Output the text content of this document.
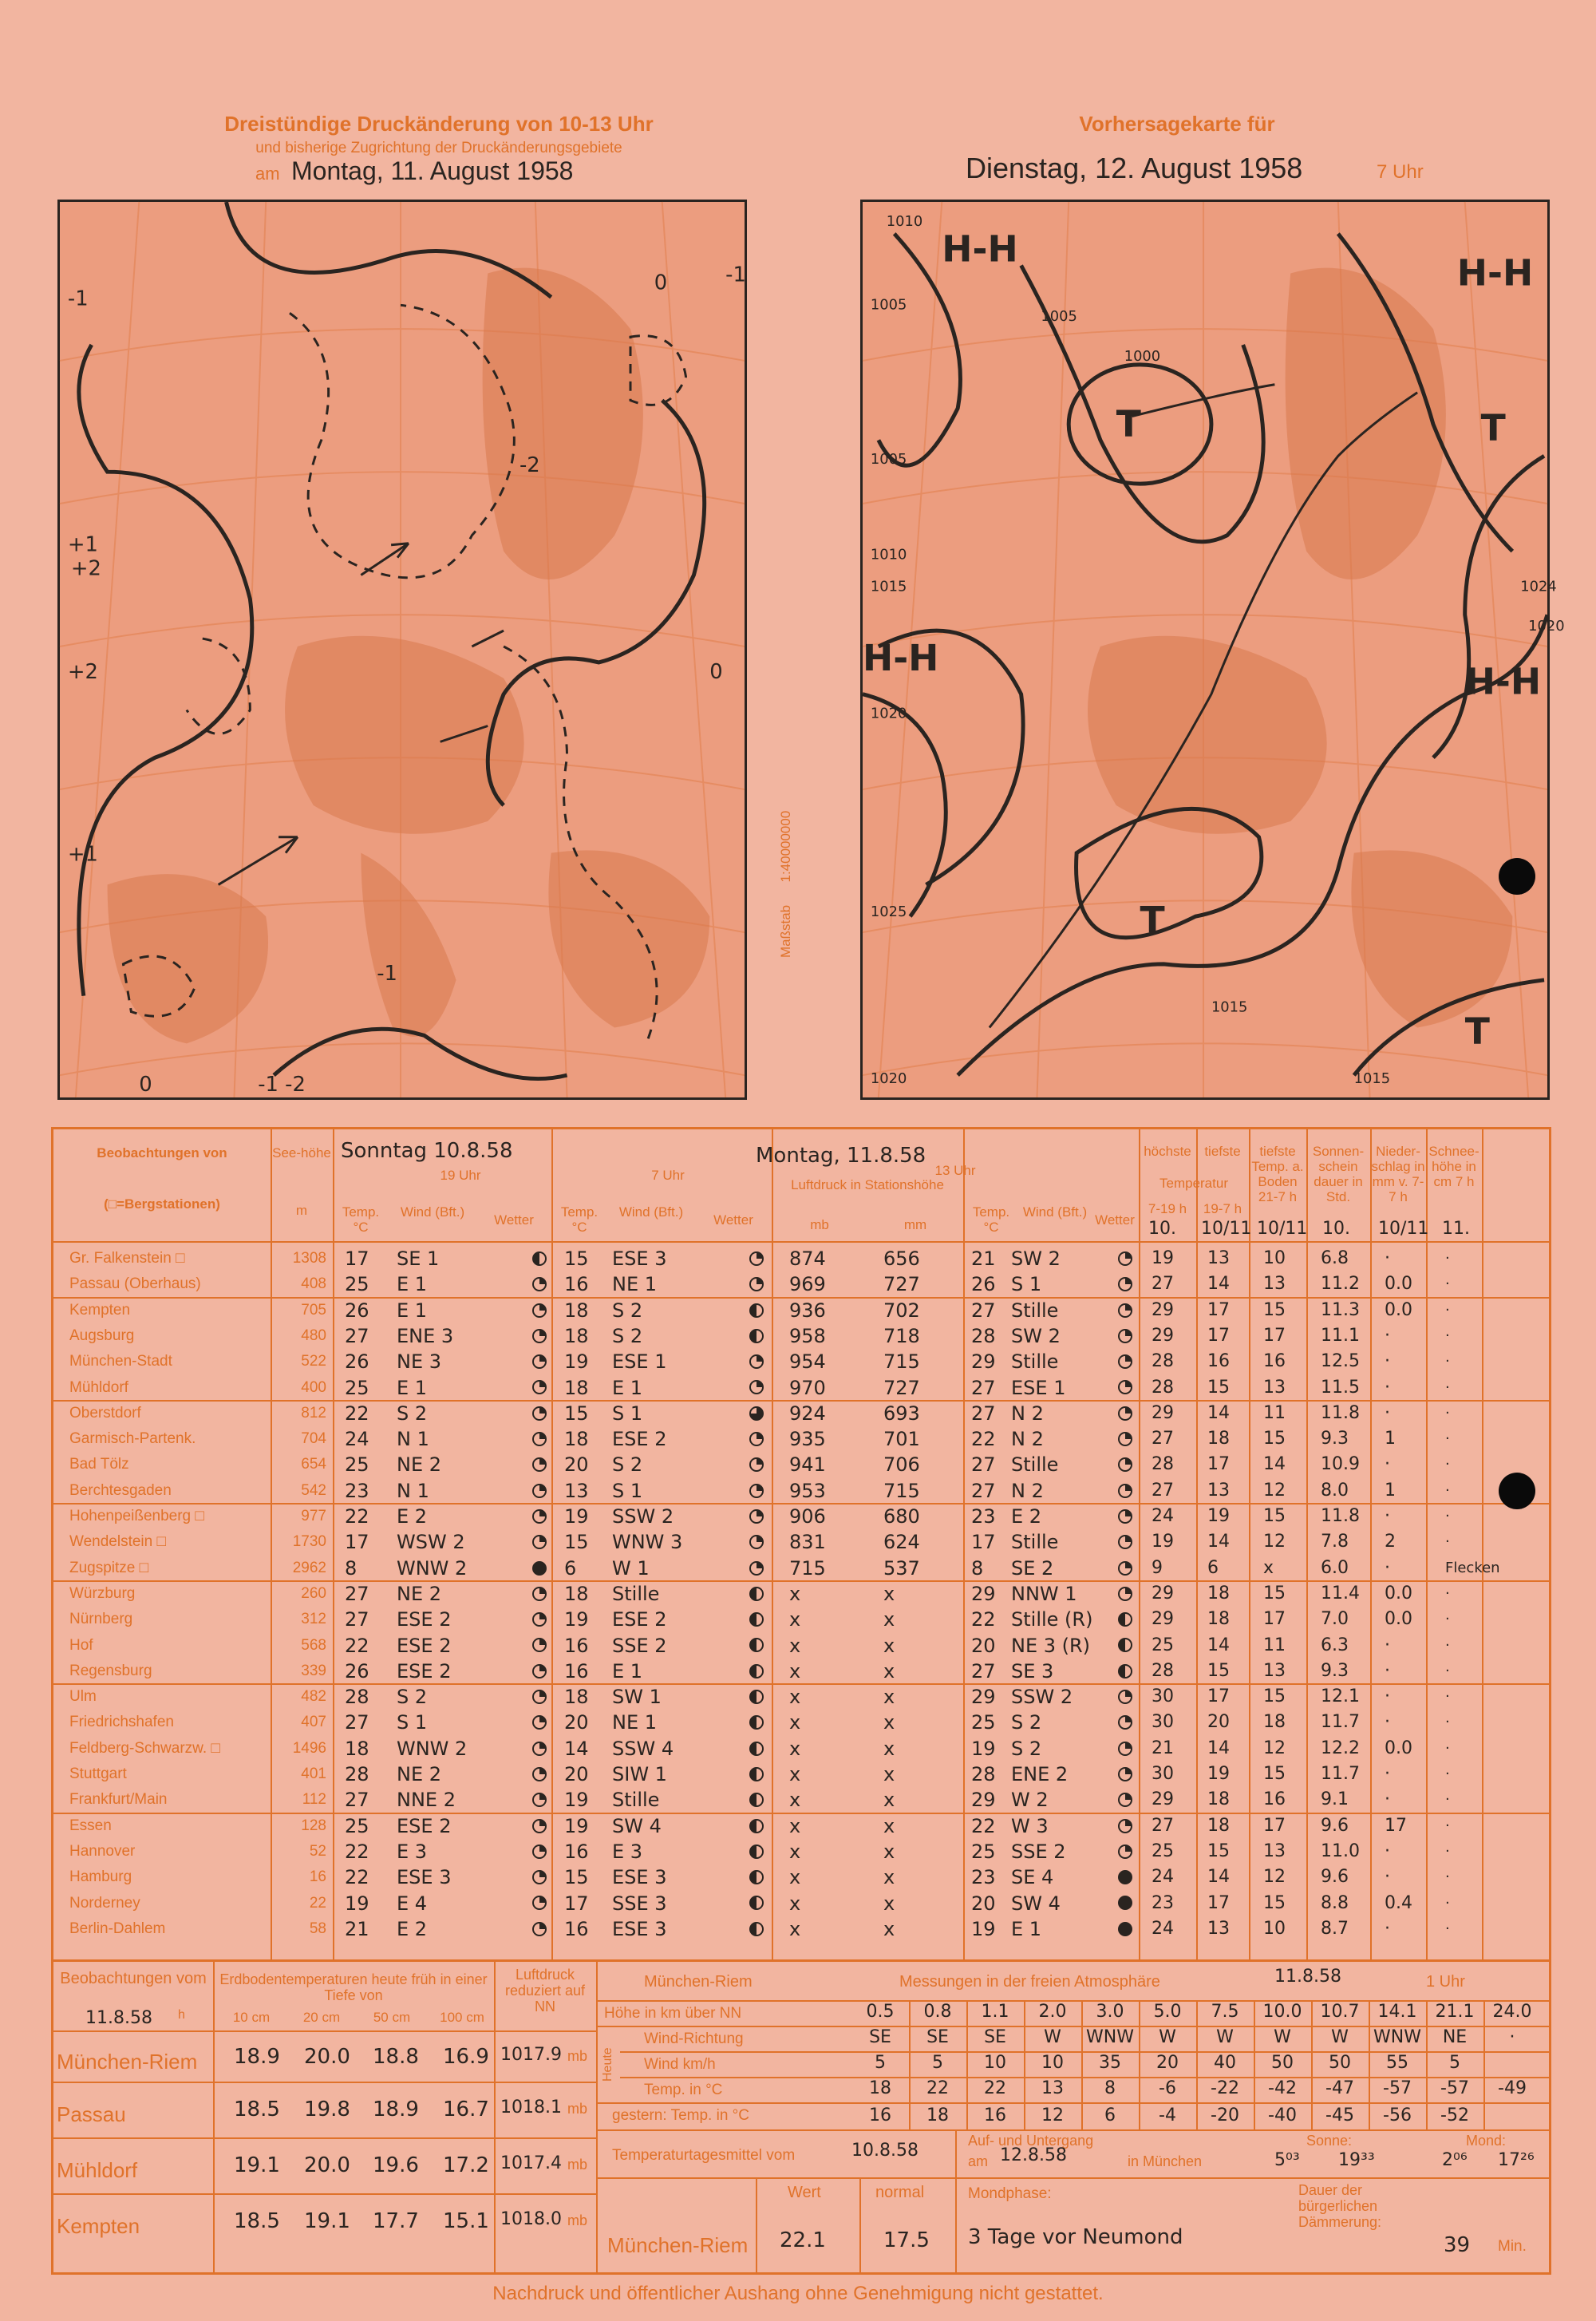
Dreistündige Druckänderung von 10-13 Uhr
und bisherige Zugrichtung der Druckänderungsgebiete
am Montag, 11. August 1958
Vorhersagekarte für
Dienstag, 12. August 1958	7 Uhr
-1
+1
+2
+2
+1
0
-2
-1
0
-1
0
-1 -2
T
T
T
T
H-H
H-H
H-H
H-H
1010
1005
1005
1010
1015
1020
1025
1020
1015
1015
1020
1024
1000
1005
Maßstab      1:40000000
Beobachtungen von
(□=Bergstationen)
See-höhe
m
Sonntag 10.8.58
19 Uhr
Montag, 11.8.58
7 Uhr	13 Uhr
Luftdruck in Stationshöhe
mb	mm
Temp. °C
Wind (Bft.)
Wetter
Temp. °C
Wind (Bft.)
Wetter
Temp. °C
Wind (Bft.)
Wetter
höchste tiefste
Temperatur
7-19 h	19-7 h
tiefste Temp. a. Boden 21-7 h
Sonnen-schein dauer in Std.
Nieder-schlag in mm v. 7-7 h
Schnee-höhe in cm 7 h
10. 10/11 10/11 10. 10/11 11.
Gr. Falkenstein □	1308 17 SE 1	15 ESE 3	874	656	21 SW 2	19 13 10 6.8 ·	·
Passau (Oberhaus)	408 25 E 1	16 NE 1	969	727	26 S 1	27 14 13 11.2 0.0 ·
Kempten	705 26 E 1	18 S 2	936	702	27 Stille	29 17 15 11.3 0.0 ·
Augsburg	480 27 ENE 3	18 S 2	958	718	28 SW 2	29 17 17 11.1 ·	·
München-Stadt	522 26 NE 3	19 ESE 1	954	715	29 Stille	28 16 16 12.5 ·	·
Mühldorf	400 25 E 1	18 E 1	970	727	27 ESE 1	28 15 13 11.5 ·	·
Oberstdorf	812 22 S 2	15 S 1	924	693	27 N 2	29 14 11 11.8 ·	·
Garmisch-Partenk.	704 24 N 1	18 ESE 2	935	701	22 N 2	27 18 15 9.3 1	·
Bad Tölz	654 25 NE 2	20 S 2	941	706	27 Stille	28 17 14 10.9 ·	·
Berchtesgaden	542 23 N 1	13 S 1	953	715	27 N 2	27 13 12 8.0 1	·
Hohenpeißenberg □	977 22 E 2	19 SSW 2	906	680	23 E 2	24 19 15 11.8 ·	·
Wendelstein □	1730 17 WSW 2	15 WNW 3	831	624	17 Stille	19 14 12 7.8 2	·
Zugspitze □	2962 8 WNW 2	6 W 1	715	537	8 SE 2	9	6	x	6.0 ·	Flecken
Würzburg	260 27 NE 2	18 Stille	x	x	29 NNW 1	29 18 15 11.4 0.0 ·
Nürnberg	312 27 ESE 2	19 ESE 2	x	x	22 Stille (R)	29 18 17 7.0 0.0 ·
Hof	568 22 ESE 2	16 SSE 2	x	x	20 NE 3 (R)	25 14 11 6.3 ·	·
Regensburg	339 26 ESE 2	16 E 1	x	x	27 SE 3	28 15 13 9.3 ·	·
Ulm	482 28 S 2	18 SW 1	x	x	29 SSW 2	30 17 15 12.1 ·	·
Friedrichshafen	407 27 S 1	20 NE 1	x	x	25 S 2	30 20 18 11.7 ·	·
Feldberg-Schwarzw. □	1496 18 WNW 2	14 SSW 4	x	x	19 S 2	21 14 12 12.2 0.0 ·
Stuttgart	401 28 NE 2	20 SIW 1	x	x	28 ENE 2	30 19 15 11.7 ·	·
Frankfurt/Main	112 27 NNE 2	19 Stille	x	x	29 W 2	29 18 16 9.1 ·	·
Essen	128 25 ESE 2	19 SW 4	x	x	22 W 3	27 18 17 9.6 17	·
Hannover	52 22 E 3	16 E 3	x	x	25 SSE 2	25 15 13 11.0 ·	·
Hamburg	16 22 ESE 3	15 ESE 3	x	x	23 SE 4	24 14 12 9.6 ·	·
Norderney	22 19 E 4	17 SSE 3	x	x	20 SW 4	23 17 15 8.8 0.4 ·
Berlin-Dahlem	58 21 E 2	16 ESE 3	x	x	19 E 1	24 13 10 8.7 ·	·
Beobachtungen vom
11.8.58 h
Erdbodentemperaturen heute früh in einer Tiefe von
Luftdruck reduziert auf NN
10 cm	20 cm	50 cm	100 cm
München-Riem 18.9 20.0 18.8 16.9 1017.9 mb
Passau	18.5 19.8 18.9 16.7 1018.1 mb
Mühldorf	19.1 20.0 19.6 17.2 1017.4 mb
Kempten	18.5 19.1 17.7 15.1 1018.0 mb
München-Riem	Messungen in der freien Atmosphäre	11.8.58	1 Uhr
Höhe in km über NN
Heute
Wind-Richtung
Wind km/h
Temp. in °C
gestern: Temp. in °C
0.5	0.8	1.1	2.0	3.0	5.0	7.5	10.0	10.7	14.1	21.1	24.0
SE	SE	SE	W	WNW	W	W	W	W	WNW	NE	·
5	5	10	10	35	20	40	50	50	55	5
18	22	22	13	8	-6	-22	-42	-47	-57	-57	-49
16	18	16	12	6	-4	-20	-40	-45	-56	-52
Temperaturtagesmittel vom	10.8.58
München-Riem
Wert
22.1
normal
17.5
Auf- und Untergang
am 12.8.58	in München
Sonne:
5⁰³ 19³³
Mond:
2⁰⁶ 17²⁶
Mondphase:
3 Tage vor Neumond
Dauer der bürgerlichen Dämmerung:
39 Min.
Nachdruck und öffentlicher Aushang ohne Genehmigung nicht gestattet.
